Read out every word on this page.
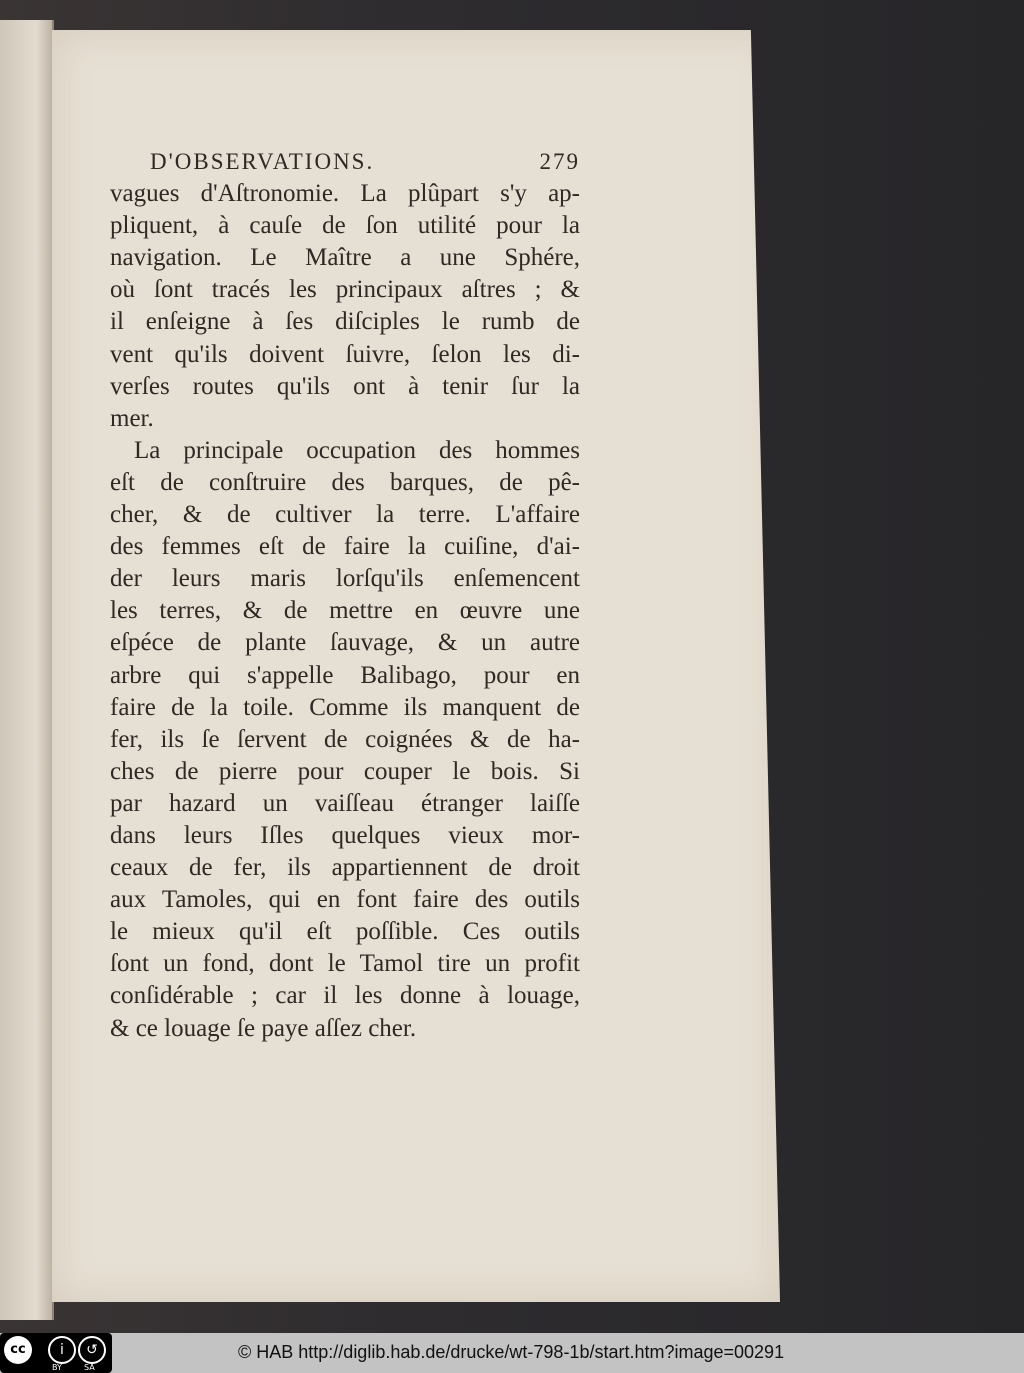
D'OBSERVATIONS.	279
vagues d'Aſtronomie. La plûpart s'y ap-
pliquent, à cauſe de ſon utilité pour la
navigation. Le Maître a une Sphére,
où ſont tracés les principaux aſtres ; &
il enſeigne à ſes diſciples le rumb de
vent qu'ils doivent ſuivre, ſelon les di-
verſes routes qu'ils ont à tenir ſur la
mer.
La principale occupation des hommes
eſt de conſtruire des barques, de pê-
cher, & de cultiver la terre. L'affaire
des femmes eſt de faire la cuiſine, d'ai-
der leurs maris lorſqu'ils enſemencent
les terres, & de mettre en œuvre une
eſpéce de plante ſauvage, & un autre
arbre qui s'appelle Balibago, pour en
faire de la toile. Comme ils manquent de
fer, ils ſe ſervent de coignées & de ha-
ches de pierre pour couper le bois. Si
par hazard un vaiſſeau étranger laiſſe
dans leurs Iſles quelques vieux mor-
ceaux de fer, ils appartiennent de droit
aux Tamoles, qui en font faire des outils
le mieux qu'il eſt poſſible. Ces outils
ſont un fond, dont le Tamol tire un profit
conſidérable ; car il les donne à louage,
& ce louage ſe paye aſſez cher.
cc	i	↺
BY	SA
© HAB http://diglib.hab.de/drucke/wt-798-1b/start.htm?image=00291
